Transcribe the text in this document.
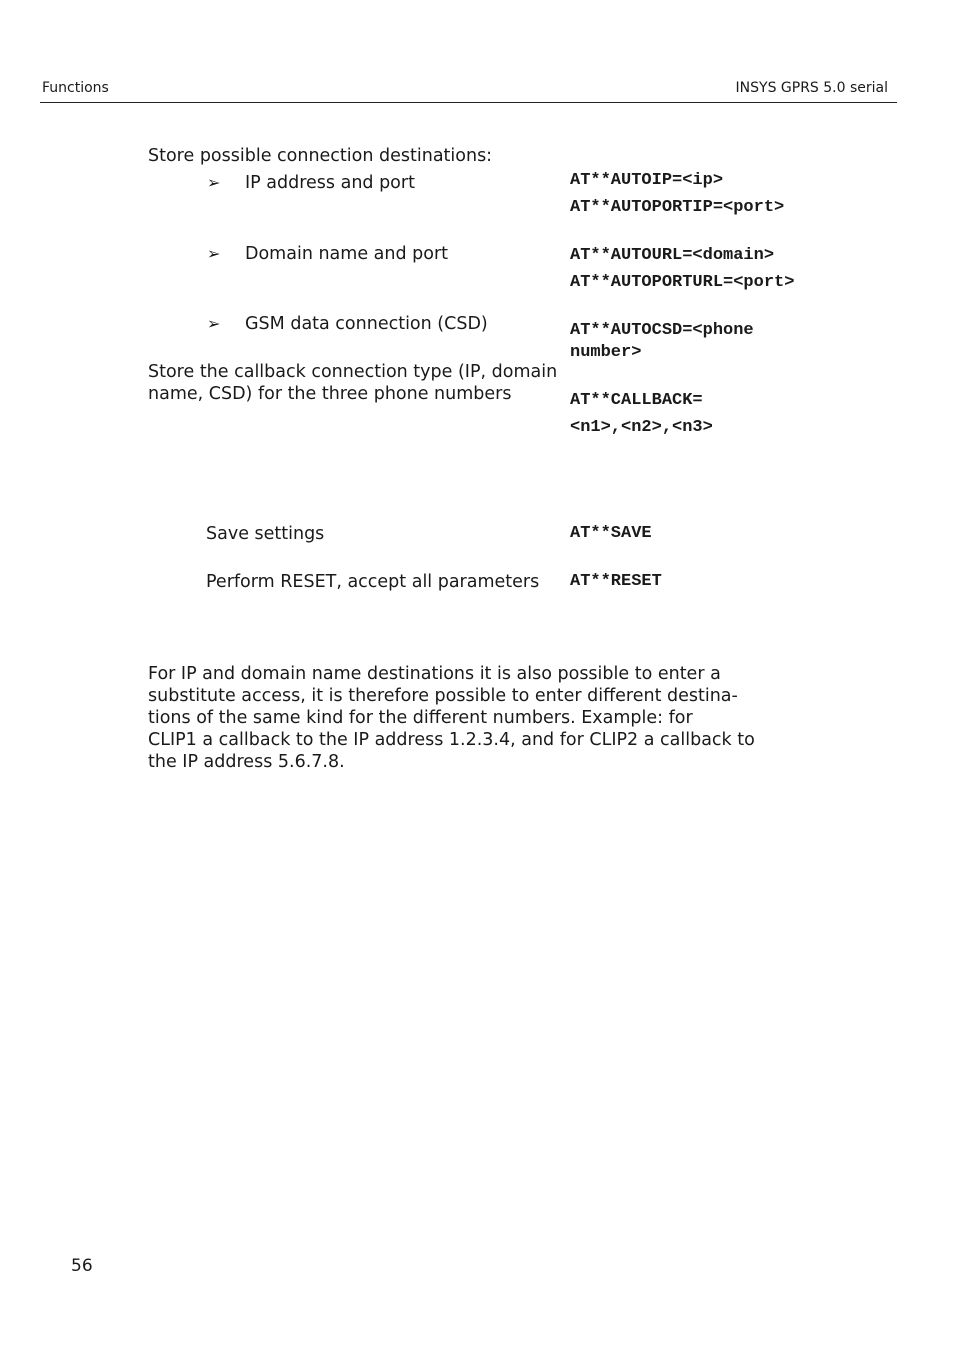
Functions	INSYS GPRS 5.0 serial
Store possible connection destinations:
➢ IP address and port	AT**AUTOIP=<ip>
AT**AUTOPORTIP=<port>
➢ Domain name and port	AT**AUTOURL=<domain>
AT**AUTOPORTURL=<port>
➢ GSM data connection (CSD)	AT**AUTOCSD=<phone
number>
Store the callback connection type (IP, domain
name, CSD) for the three phone numbers	AT**CALLBACK=
<n1>,<n2>,<n3>
Save settings	AT**SAVE
Perform RESET, accept all parameters AT**RESET
For IP and domain name destinations it is also possible to enter a
substitute access, it is therefore possible to enter different destina-
tions of the same kind for the different numbers. Example: for
CLIP1 a callback to the IP address 1.2.3.4, and for CLIP2 a callback to
the IP address 5.6.7.8.
56
